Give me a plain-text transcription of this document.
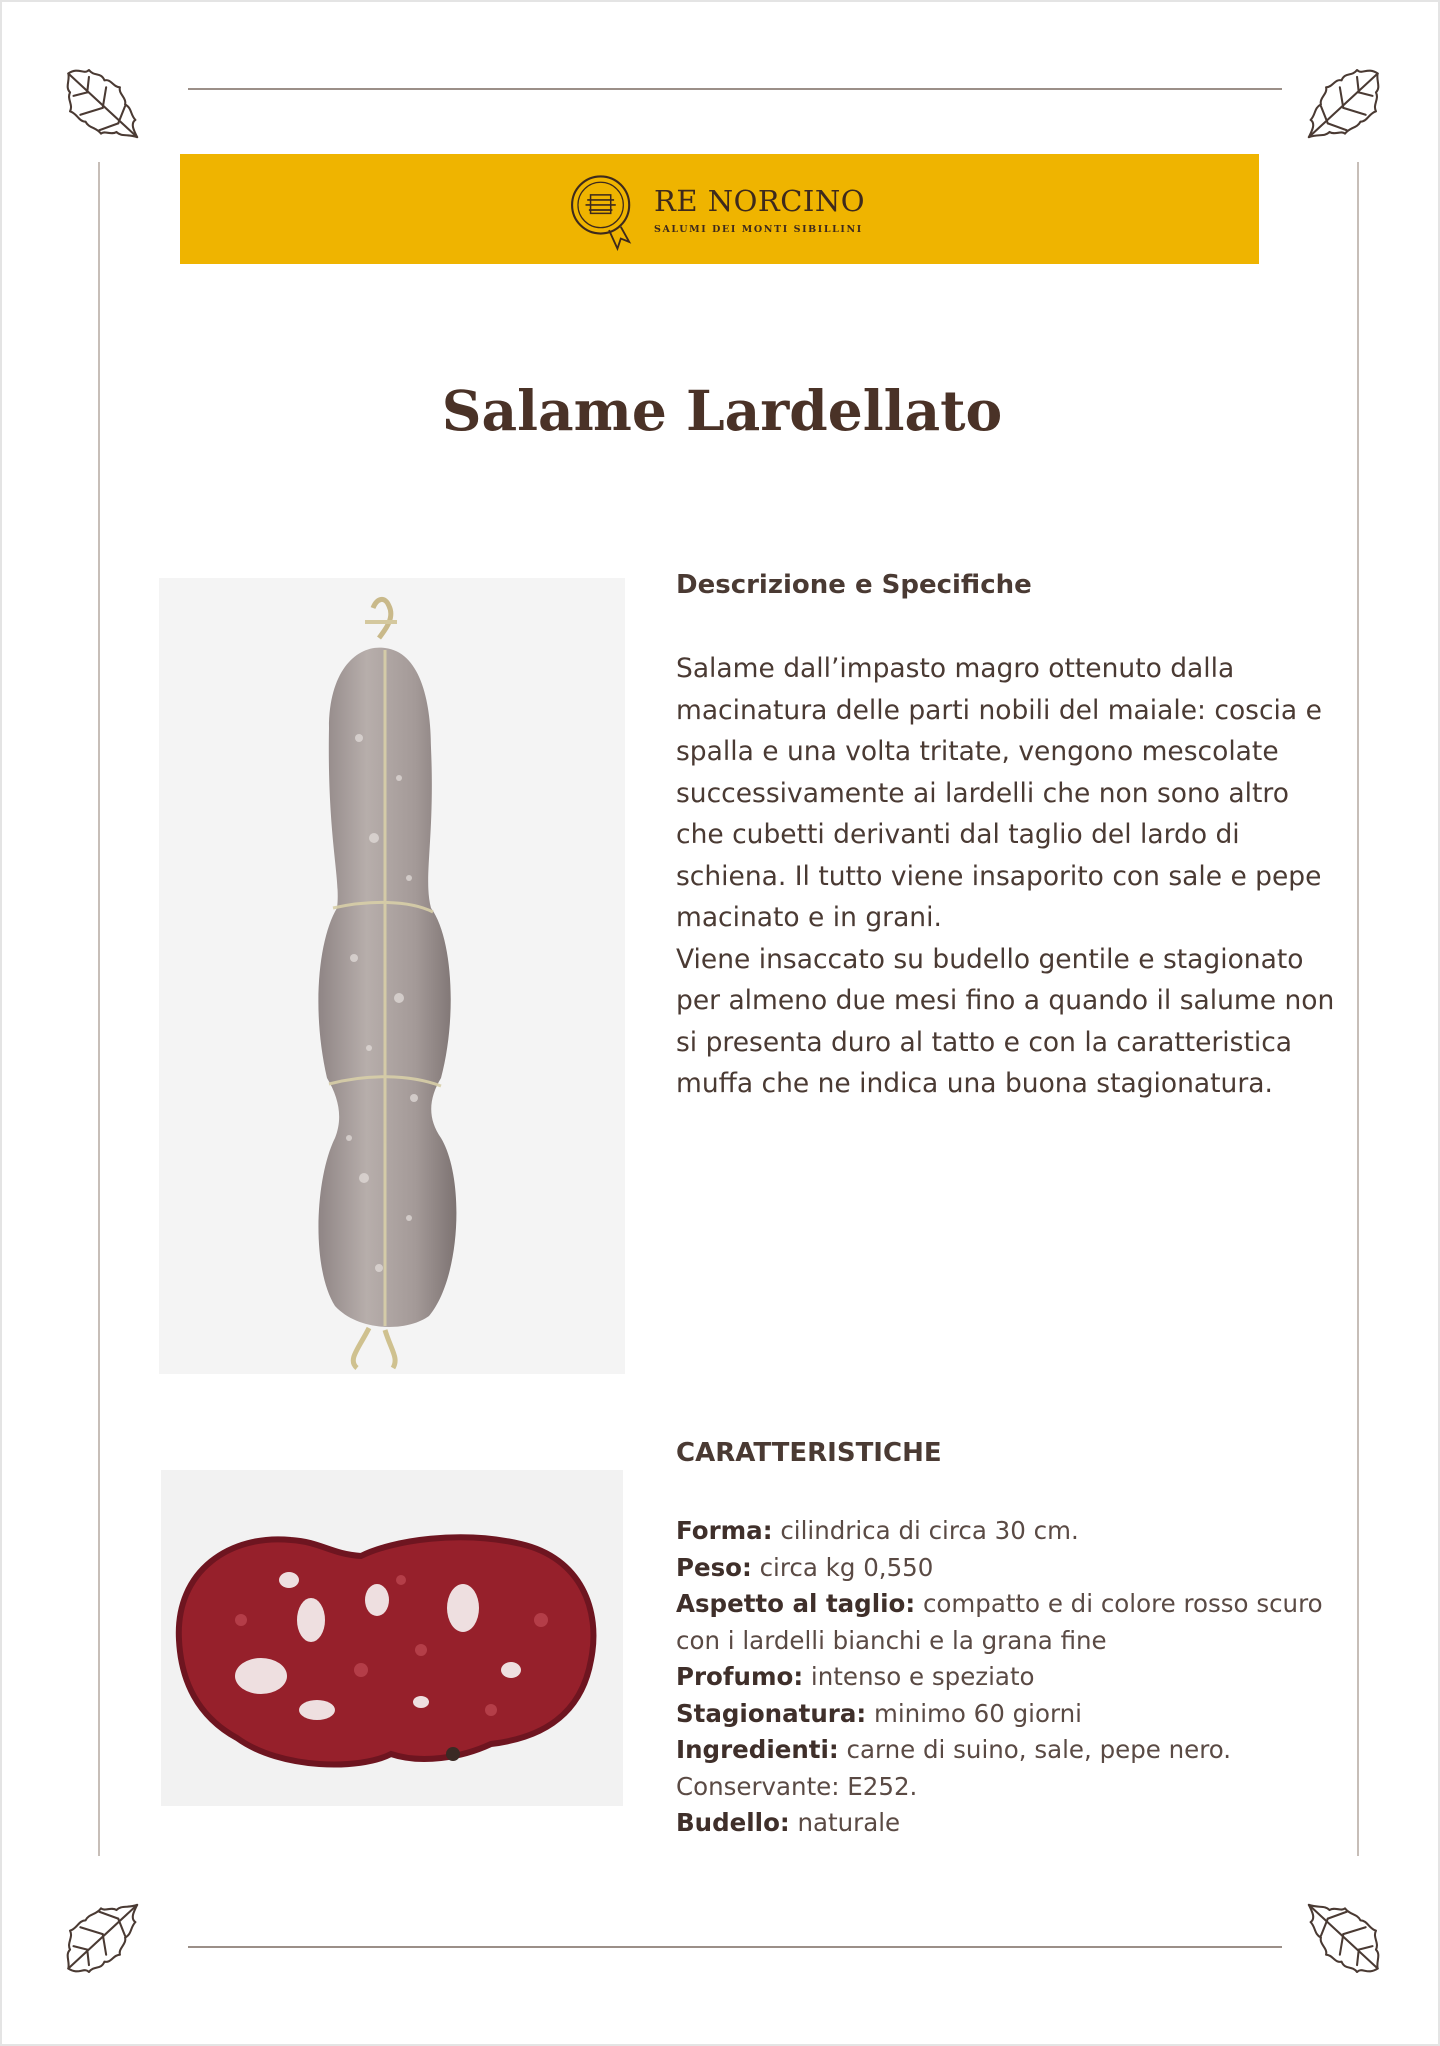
RE NORCINO
SALUMI DEI MONTI SIBILLINI
Salame Lardellato
Descrizione e Specifiche

Salame dall’impasto magro ottenuto dalla macinatura delle parti nobili del maiale: coscia e spalla e una volta tritate, vengono mescolate successivamente ai lardelli che non sono altro che cubetti derivanti dal taglio del lardo di schiena. Il tutto viene insaporito con sale e pepe macinato e in grani.

Viene insaccato su budello gentile e stagionato per almeno due mesi fino a quando il salume non si presenta duro al tatto e con la caratteristica muffa che ne indica una buona stagionatura.

CARATTERISTICHE
Forma: cilindrica di circa 30 cm.
Peso: circa kg 0,550
Aspetto al taglio: compatto e di colore rosso scuro con i lardelli bianchi e la grana fine
Profumo: intenso e speziato
Stagionatura: minimo 60 giorni
Ingredienti: carne di suino, sale, pepe nero.
Conservante: E252.
Budello: naturale
